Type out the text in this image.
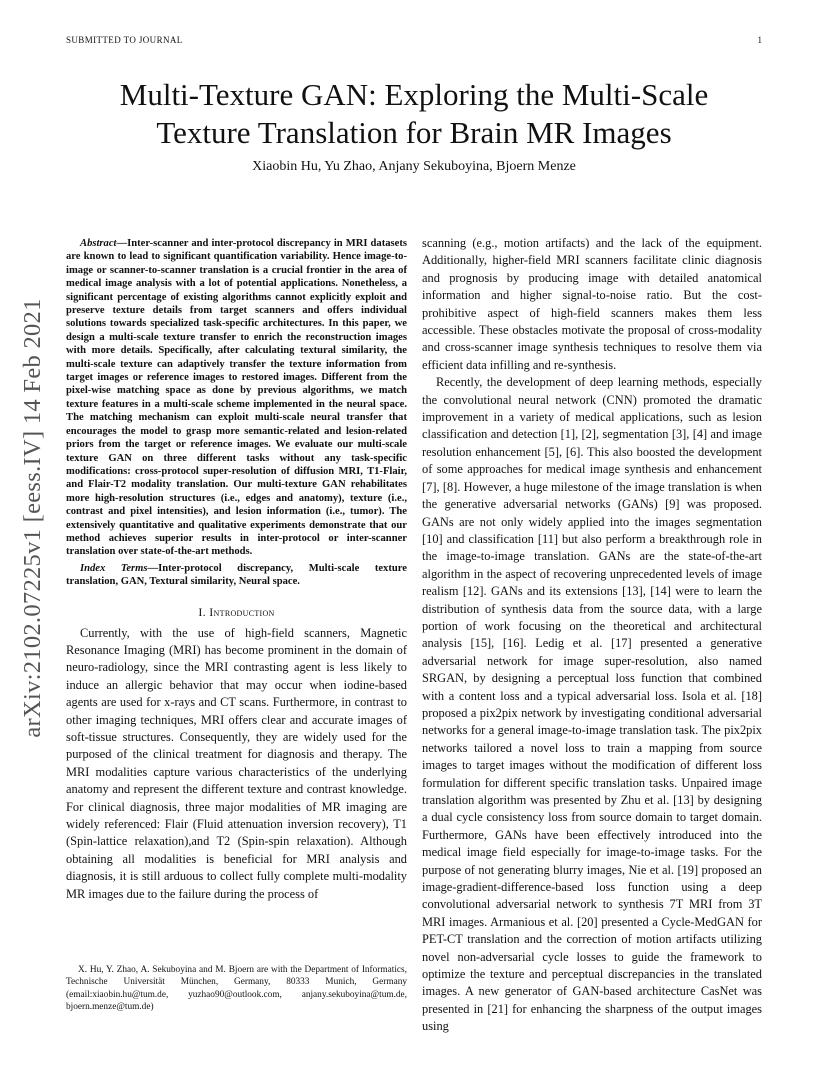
SUBMITTED TO JOURNAL	1
arXiv:2102.07225v1 [eess.IV] 14 Feb 2021
Multi-Texture GAN: Exploring the Multi-Scale
Texture Translation for Brain MR Images
Xiaobin Hu, Yu Zhao, Anjany Sekuboyina, Bjoern Menze

Abstract—Inter-scanner and inter-protocol discrepancy in MRI datasets are known to lead to significant quantification variability. Hence image-to-image or scanner-to-scanner translation is a crucial frontier in the area of medical image analysis with a lot of potential applications. Nonetheless, a significant percentage of existing algorithms cannot explicitly exploit and preserve texture details from target scanners and offers individual solutions towards specialized task-specific architectures. In this paper, we design a multi-scale texture transfer to enrich the reconstruction images with more details. Specifically, after calculating textural similarity, the multi-scale texture can adaptively transfer the texture information from target images or reference images to restored images. Different from the pixel-wise matching space as done by previous algorithms, we match texture features in a multi-scale scheme implemented in the neural space. The matching mechanism can exploit multi-scale neural transfer that encourages the model to grasp more semantic-related and lesion-related priors from the target or reference images. We evaluate our multi-scale texture GAN on three different tasks without any task-specific modifications: cross-protocol super-resolution of diffusion MRI, T1-Flair, and Flair-T2 modality translation. Our multi-texture GAN rehabilitates more high-resolution structures (i.e., edges and anatomy), texture (i.e., contrast and pixel intensities), and lesion information (i.e., tumor). The extensively quantitative and qualitative experiments demonstrate that our method achieves superior results in inter-protocol or inter-scanner translation over state-of-the-art methods.

Index Terms—Inter-protocol discrepancy, Multi-scale texture translation, GAN, Textural similarity, Neural space.

I. Introduction

Currently, with the use of high-field scanners, Magnetic Resonance Imaging (MRI) has become prominent in the domain of neuro-radiology, since the MRI contrasting agent is less likely to induce an allergic behavior that may occur when iodine-based agents are used for x-rays and CT scans. Furthermore, in contrast to other imaging techniques, MRI offers clear and accurate images of soft-tissue structures. Consequently, they are widely used for the purposed of the clinical treatment for diagnosis and therapy. The MRI modalities capture various characteristics of the underlying anatomy and represent the different texture and contrast knowledge. For clinical diagnosis, three major modalities of MR imaging are widely referenced: Flair (Fluid attenuation inversion recovery), T1 (Spin-lattice relaxation),and T2 (Spin-spin relaxation). Although obtaining all modalities is beneficial for MRI analysis and diagnosis, it is still arduous to collect fully complete multi-modality MR images due to the failure during the process of

X. Hu, Y. Zhao, A. Sekuboyina and M. Bjoern are with the Department of Informatics, Technische Universität München, Germany, 80333 Munich, Germany (email:xiaobin.hu@tum.de, yuzhao90@outlook.com, anjany.sekuboyina@tum.de, bjoern.menze@tum.de)

scanning (e.g., motion artifacts) and the lack of the equipment. Additionally, higher-field MRI scanners facilitate clinic diagnosis and prognosis by producing image with detailed anatomical information and higher signal-to-noise ratio. But the cost-prohibitive aspect of high-field scanners makes them less accessible. These obstacles motivate the proposal of cross-modality and cross-scanner image synthesis techniques to resolve them via efficient data infilling and re-synthesis.

Recently, the development of deep learning methods, especially the convolutional neural network (CNN) promoted the dramatic improvement in a variety of medical applications, such as lesion classification and detection [1], [2], segmentation [3], [4] and image resolution enhancement [5], [6]. This also boosted the development of some approaches for medical image synthesis and enhancement [7], [8]. However, a huge milestone of the image translation is when the generative adversarial networks (GANs) [9] was proposed. GANs are not only widely applied into the images segmentation [10] and classification [11] but also perform a breakthrough role in the image-to-image translation. GANs are the state-of-the-art algorithm in the aspect of recovering unprecedented levels of image realism [12]. GANs and its extensions [13], [14] were to learn the distribution of synthesis data from the source data, with a large portion of work focusing on the theoretical and architectural analysis [15], [16]. Ledig et al. [17] presented a generative adversarial network for image super-resolution, also named SRGAN, by designing a perceptual loss function that combined with a content loss and a typical adversarial loss. Isola et al. [18] proposed a pix2pix network by investigating conditional adversarial networks for a general image-to-image translation task. The pix2pix networks tailored a novel loss to train a mapping from source images to target images without the modification of different loss formulation for different specific translation tasks. Unpaired image translation algorithm was presented by Zhu et al. [13] by designing a dual cycle consistency loss from source domain to target domain. Furthermore, GANs have been effectively introduced into the medical image field especially for image-to-image tasks. For the purpose of not generating blurry images, Nie et al. [19] proposed an image-gradient-difference-based loss function using a deep convolutional adversarial network to synthesis 7T MRI from 3T MRI images. Armanious et al. [20] presented a Cycle-MedGAN for PET-CT translation and the correction of motion artifacts utilizing novel non-adversarial cycle losses to guide the framework to optimize the texture and perceptual discrepancies in the translated images. A new generator of GAN-based architecture CasNet was presented in [21] for enhancing the sharpness of the output images using
